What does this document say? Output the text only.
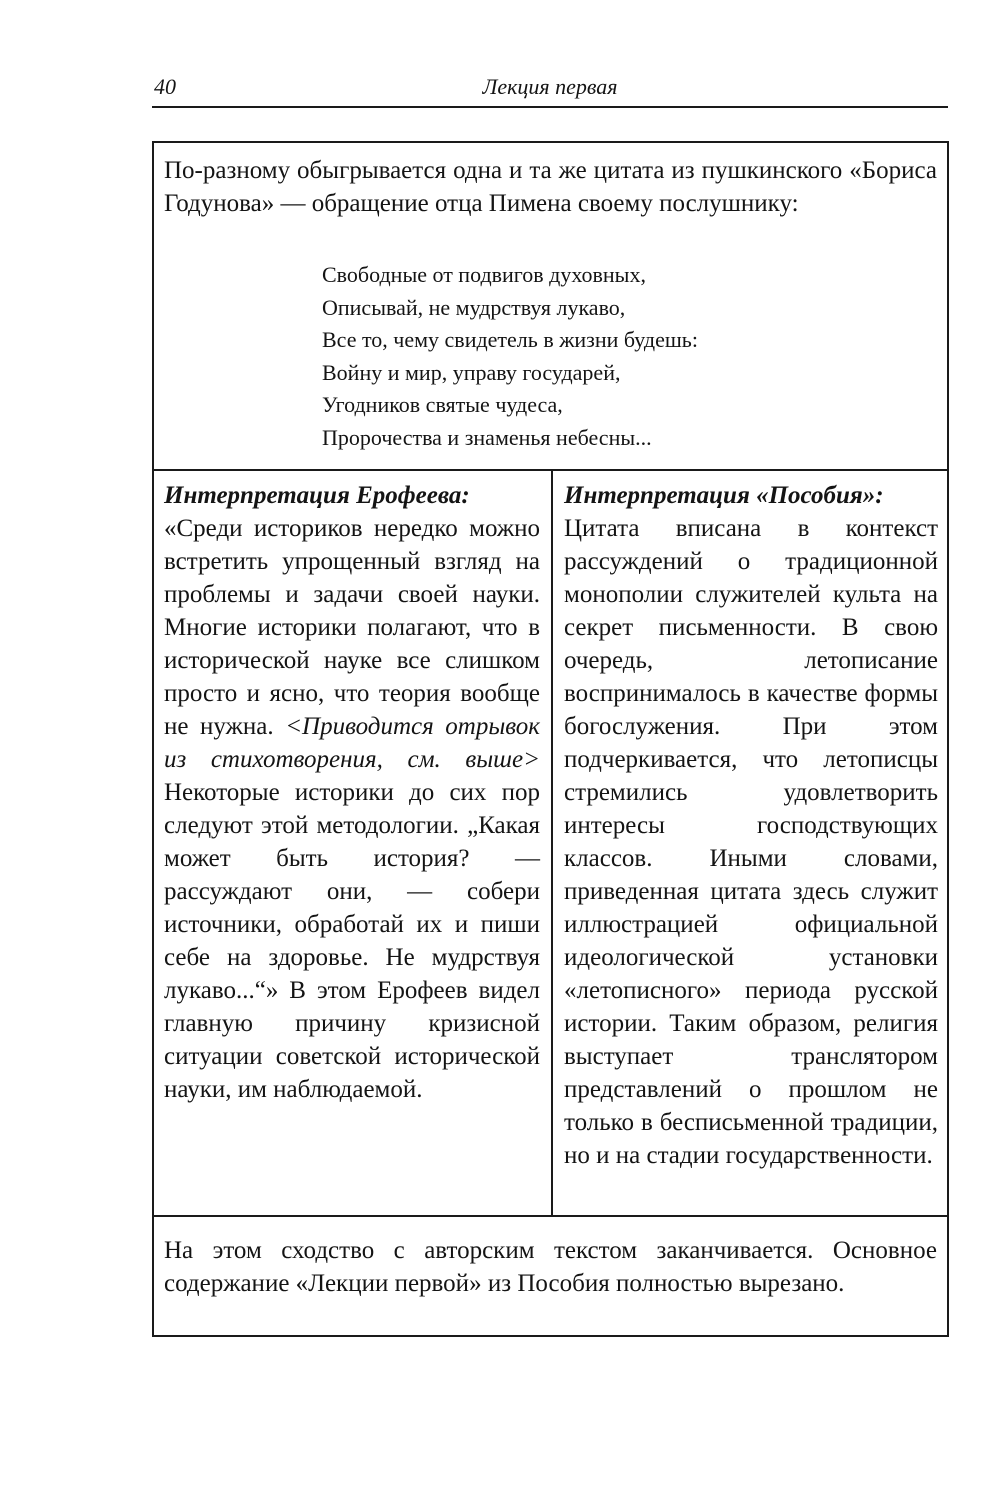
40	Лекция первая

По-разному обыгрывается одна и та же цитата из пушкинского «Бориса Годунова» — обращение отца Пимена своему послушнику:

Свободные от подвигов духовных,
Описывай, не мудрствуя лукаво,
Все то, чему свидетель в жизни будешь:
Войну и мир, управу государей,
Угодников святые чудеса,
Пророчества и знаменья небесны...
Интерпретация Ерофеева:

«Среди историков нередко можно встретить упрощенный взгляд на проблемы и задачи своей науки. Многие историки полагают, что в исторической науке все слишком просто и ясно, что теория вообще не нужна. <Приводится отрывок из стихотворения, см. выше> Некоторые историки до сих пор следуют этой методологии. „Какая может быть история? — рассуждают они, — собери источники, обработай их и пиши себе на здоровье. Не мудрствуя лукаво...“» В этом Ерофеев видел главную причину кризисной ситуации советской исторической науки, им наблюдаемой.

Интерпретация «Пособия»:

Цитата вписана в контекст рассуждений о традиционной монополии служителей культа на секрет письменности. В свою очередь, летописание воспринималось в качестве формы богослужения. При этом подчеркивается, что летописцы стремились удовлетворить интересы господствующих классов. Иными словами, приведенная цитата здесь служит иллюстрацией официальной идеологической установки «летописного» периода русской истории. Таким образом, религия выступает транслятором представлений о прошлом не только в бесписьменной традиции, но и на стадии государственности.

На этом сходство с авторским текстом заканчивается. Основное содержание «Лекции первой» из Пособия полностью вырезано.
